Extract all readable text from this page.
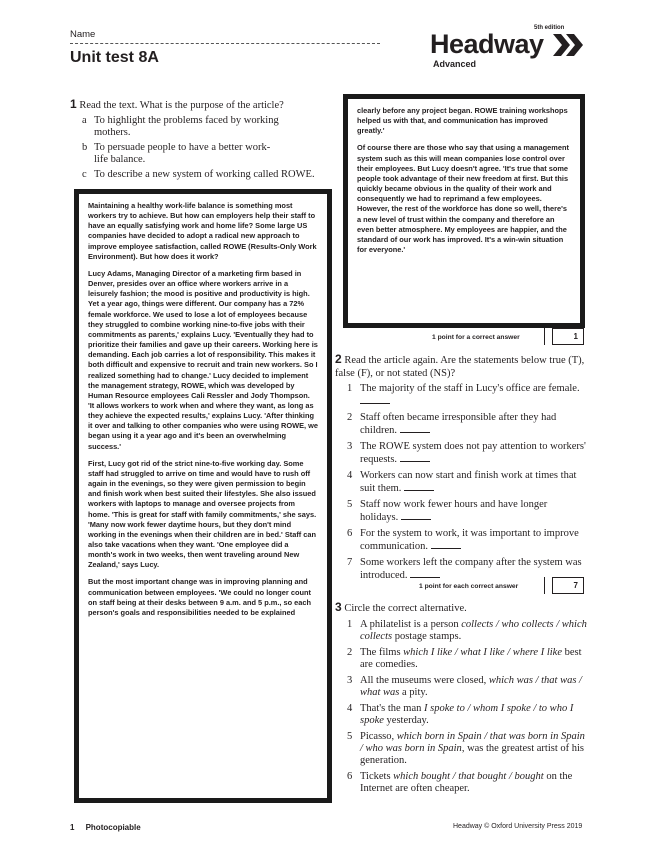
Name
Unit test 8A
5th edition
Headway
Advanced
1 Read the text. What is the purpose of the article?
a To highlight the problems faced by working mothers.
b To persuade people to have a better work-life balance.
c To describe a new system of working called ROWE.

Maintaining a healthy work-life balance is something most workers try to achieve. But how can employers help their staff to have an equally satisfying work and home life? Some large US companies have decided to adopt a radical new approach to improve employee satisfaction, called ROWE (Results-Only Work Environment). But how does it work?

Lucy Adams, Managing Director of a marketing firm based in Denver, presides over an office where workers arrive in a leisurely fashion; the mood is positive and productivity is high. Yet a year ago, things were different. Our company has a 72% female workforce. We used to lose a lot of employees because they struggled to combine working nine-to-five jobs with their commitments as parents,' explains Lucy. 'Eventually they had to prioritize their families and gave up their careers. Working here is demanding. Each job carries a lot of responsibility. This makes it both difficult and expensive to recruit and train new workers. So I realized something had to change.' Lucy decided to implement the management strategy, ROWE, which was developed by Human Resource employees Cali Ressler and Jody Thompson. 'It allows workers to work when and where they want, as long as they achieve the expected results,' explains Lucy. 'After thinking it over and talking to other companies who were using ROWE, we began using it a year ago and it's been an overwhelming success.'

First, Lucy got rid of the strict nine-to-five working day. Some staff had struggled to arrive on time and would have to rush off again in the evenings, so they were given permission to begin and finish work when best suited their lifestyles. She also issued workers with laptops to manage and oversee projects from home. 'This is great for staff with family commitments,' she says. 'Many now work fewer daytime hours, but they don't mind working in the evenings when their children are in bed.' Staff can also take vacations when they want. 'One employee did a month's work in two weeks, then went traveling around New Zealand,' says Lucy.

But the most important change was in improving planning and communication between employees. 'We could no longer count on staff being at their desks between 9 a.m. and 5 p.m., so each person's goals and responsibilities needed to be explained

clearly before any project began. ROWE training workshops helped us with that, and communication has improved greatly.'

Of course there are those who say that using a management system such as this will mean companies lose control over their employees. But Lucy doesn't agree. 'It's true that some people took advantage of their new freedom at first. But this quickly became obvious in the quality of their work and consequently we had to reprimand a few employees. However, the rest of the workforce has done so well, there's a new level of trust within the company and therefore an even better atmosphere. My employees are happier, and the standard of our work has improved. It's a win-win situation for everyone.'

1 point for a correct answer	1
2 Read the article again. Are the statements below true (T), false (F), or not stated (NS)?
1 The majority of the staff in Lucy's office are female.

2 Staff often became irresponsible after they had children.
3 The ROWE system does not pay attention to workers' requests.
4 Workers can now start and finish work at times that suit them.
5 Staff now work fewer hours and have longer holidays.
6 For the system to work, it was important to improve communication.
7 Some workers left the company after the system was introduced.
1 point for each correct answer	7
3 Circle the correct alternative.
1 A philatelist is a person collects / who collects / which collects postage stamps.
2 The films which I like / what I like / where I like best are comedies.
3 All the museums were closed, which was / that was / what was a pity.
4 That's the man I spoke to / whom I spoke / to who I spoke yesterday.
5 Picasso, which born in Spain / that was born in Spain / who was born in Spain, was the greatest artist of his generation.
6 Tickets which bought / that bought / bought on the Internet are often cheaper.
1 Photocopiable	Headway © Oxford University Press 2019
